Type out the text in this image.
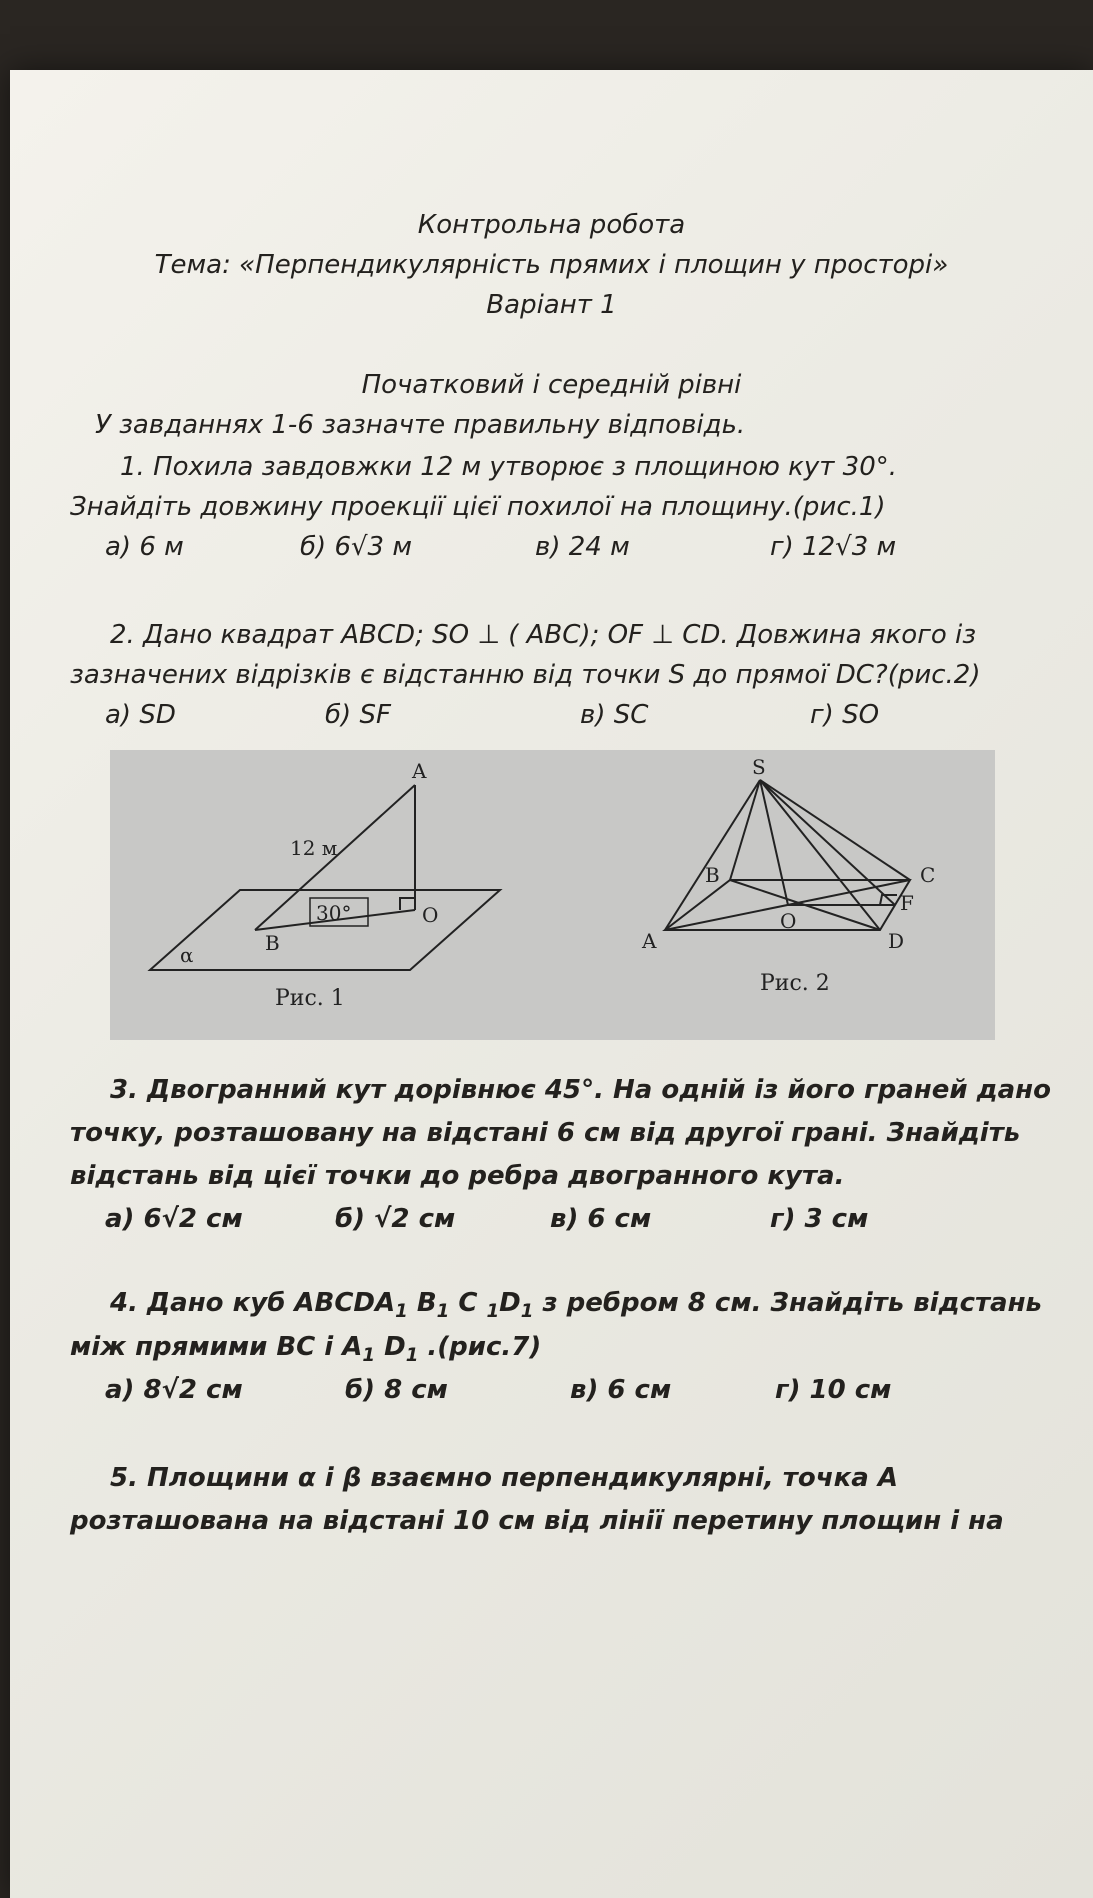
Контрольна робота
Тема: «Перпендикулярність прямих і площин у просторі»
Варіант 1
Початковий і середній рівні
У завданнях 1-6 зазначте правильну відповідь.
1. Похила завдовжки 12 м утворює з площиною кут 30°.
Знайдіть довжину проекції цієї похилої на площину.(рис.1)
а) 6 м	б) 6√3 м	в) 24 м	г) 12√3 м
2. Дано квадрат ABCD; SO ⊥ ( ABC); OF ⊥ CD. Довжина якого із
зазначених відрізків є відстанню від точки S до прямої DC?(рис.2)
а) SD	б) SF	в) SC	г) SO
A
B
O
α
12 м
30°
Рис. 1
S
A
B	C
D
F
O
Рис. 2
3. Двогранний кут дорівнює 45°. На одній із його граней дано
точку, розташовану на відстані 6 см від другої грані. Знайдіть
відстань від цієї точки до ребра двогранного кута.
а) 6√2 см	б) √2 см	в) 6 см	г) 3 см
4. Дано куб $ABCDA_1$ $B_1$ C $_1D_1$ з ребром 8 см. Знайдіть відстань
між прямими BC і $A_1$ $D_1$ .(рис.7)
а) 8√2 см	б) 8 см	в) 6 см	г) 10 см
5. Площини α і β взаємно перпендикулярні, точка A
розташована на відстані 10 см від лінії перетину площин і на
